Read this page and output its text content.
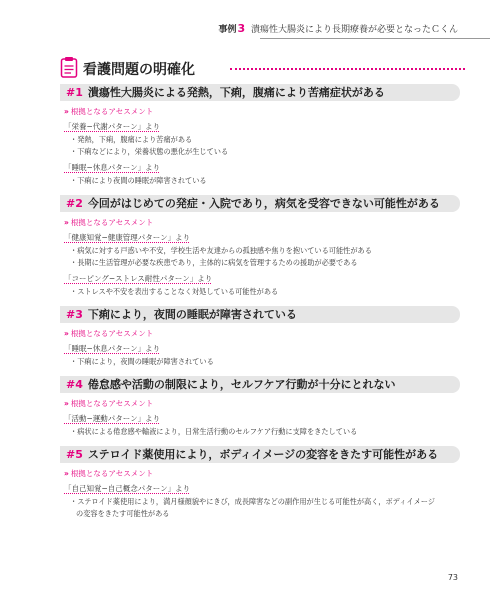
事例3 潰瘍性大腸炎により長期療養が必要となったＣくん
看護問題の明確化
#1 潰瘍性大腸炎による発熱，下痢，腹痛により苦痛症状がある
» 根拠となるアセスメント
「栄養−代謝パターン」より
・発熱，下痢，腹痛により苦痛がある
・下痢などにより，栄養状態の悪化が生じている
「睡眠−休息パターン」より
・下痢により夜間の睡眠が障害されている
#2 今回がはじめての発症・入院であり，病気を受容できない可能性がある
» 根拠となるアセスメント
「健康知覚−健康管理パターン」より
・病気に対する戸惑いや不安，学校生活や友達からの孤独感や焦りを抱いている可能性がある
・長期に生活管理が必要な疾患であり，主体的に病気を管理するための援助が必要である
「コーピング−ストレス耐性パターン」より
・ストレスや不安を表出することなく対処している可能性がある
#3 下痢により，夜間の睡眠が障害されている
» 根拠となるアセスメント
「睡眠−休息パターン」より
・下痢により，夜間の睡眠が障害されている
#4 倦怠感や活動の制限により，セルフケア行動が十分にとれない
» 根拠となるアセスメント
「活動−運動パターン」より
・病状による倦怠感や輸液により，日常生活行動のセルフケア行動に支障をきたしている
#5 ステロイド薬使用により，ボディイメージの変容をきたす可能性がある
» 根拠となるアセスメント
「自己知覚−自己概念パターン」より
・ステロイド薬使用により，満月様顔貌やにきび，成長障害などの副作用が生じる可能性が高く，ボディイメージの変容をきたす可能性がある
73
